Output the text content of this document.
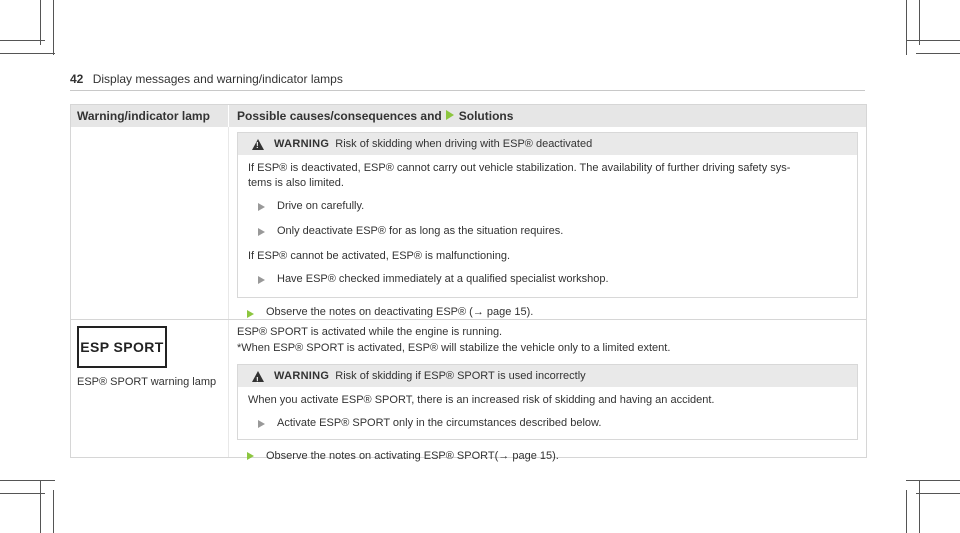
42 Display messages and warning/indicator lamps
Warning/indicator lamp	Possible causes/consequences and Solutions
!
WARNING Risk of skidding when driving with ESP® deactivated

If ESP® is deactivated, ESP® cannot carry out vehicle stabilization. The availability of further driving safety sys-
tems is also limited.

Drive on carefully.
Only deactivate ESP® for as long as the situation requires.

If ESP® cannot be activated, ESP® is malfunctioning.

Have ESP® checked immediately at a qualified specialist workshop.
Observe the notes on deactivating ESP® (→ page 15).
ESP SPORT
ESP® SPORT warning lamp
ESP® SPORT is activated while the engine is running.
*When ESP® SPORT is activated, ESP® will stabilize the vehicle only to a limited extent.
!
WARNING Risk of skidding if ESP® SPORT is used incorrectly

When you activate ESP® SPORT, there is an increased risk of skidding and having an accident.

Activate ESP® SPORT only in the circumstances described below.
Observe the notes on activating ESP® SPORT(→ page 15).
